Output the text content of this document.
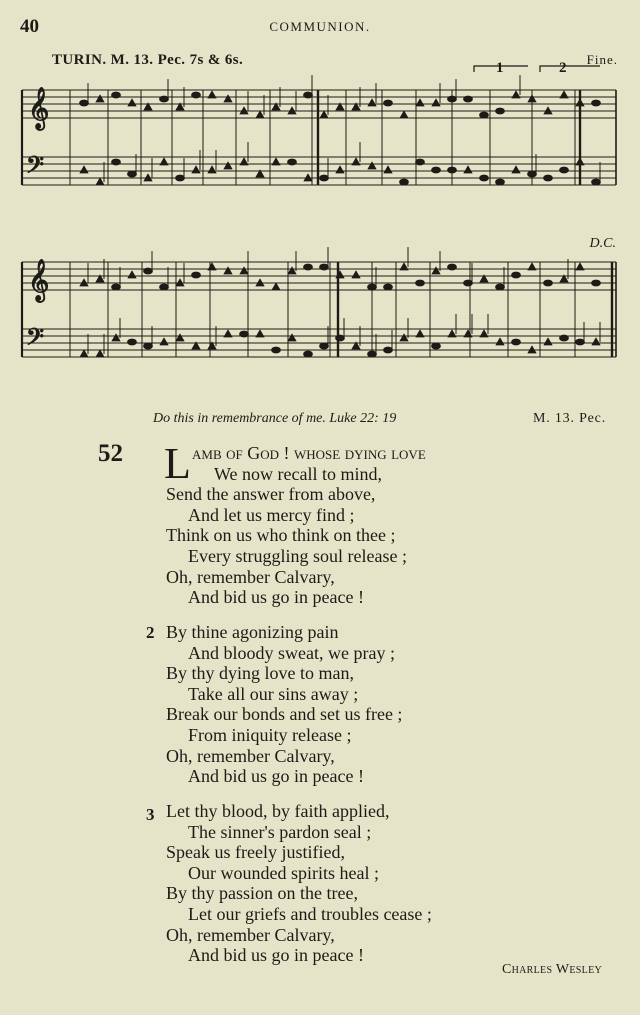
40	COMMUNION.
𝄞
𝄞
𝄢
𝄢
TURIN. M. 13. Pec. 7s & 6s.	1	2
Fine.
D.C.
Do this in remembrance of me. Luke 22: 19	M. 13. Pec.
52 L amb of God ! whose dying love
We now recall to mind,
Send the answer from above,
And let us mercy find ;
Think on us who think on thee ;
Every struggling soul release ;
Oh, remember Calvary,
And bid us go in peace !
2 By thine agonizing pain
And bloody sweat, we pray ;
By thy dying love to man,
Take all our sins away ;
Break our bonds and set us free ;
From iniquity release ;
Oh, remember Calvary,
And bid us go in peace !
3 Let thy blood, by faith applied,
The sinner's pardon seal ;
Speak us freely justified,
Our wounded spirits heal ;
By thy passion on the tree,
Let our griefs and troubles cease ;
Oh, remember Calvary,
And bid us go in peace !
Charles Wesley
